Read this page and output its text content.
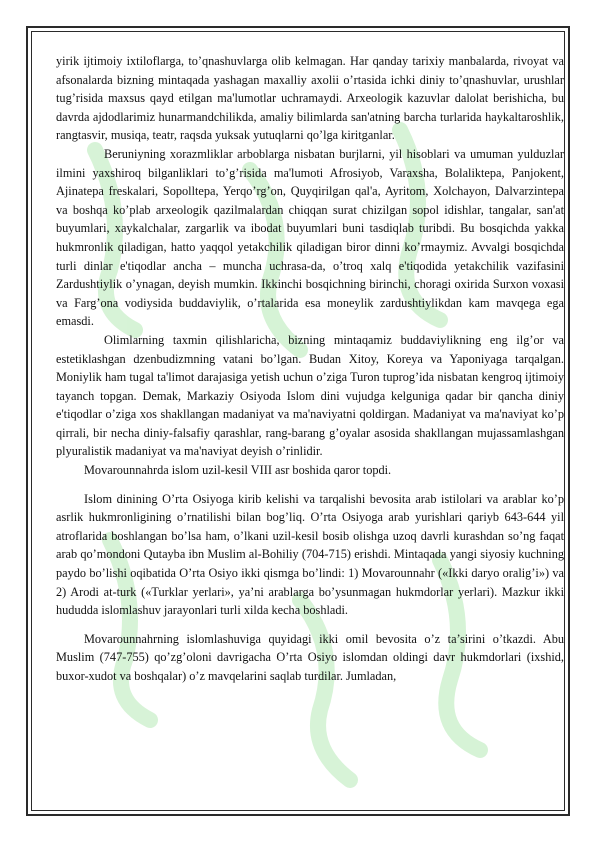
yirik ijtimoiy ixtiloflarga, to’qnashuvlarga olib kelmagan. Har qanday tarixiy manbalarda, rivoyat va afsonalarda bizning mintaqada yashagan maxalliy axolii o’rtasida ichki diniy to’qnashuvlar, urushlar tug’risida maxsus qayd etilgan ma'lumotlar uchramaydi. Arxeologik kazuvlar dalolat berishicha, bu davrda ajdodlarimiz hunarmandchilikda, amaliy bilimlarda san'atning barcha turlarida haykaltaroshlik, rangtasvir, musiqa, teatr, raqsda yuksak yutuqlarni qo’lga kiritganlar.

Beruniyning xorazmliklar arboblarga nisbatan burjlarni, yil hisoblari va umuman yulduzlar ilmini yaxshiroq bilganliklari to’g’risida ma'lumoti Afrosiyob, Varaxsha, Bolaliktepa, Panjokent, Ajinatepa freskalari, Sopolltepa, Yerqo’rg’on, Quyqirilgan qal'a, Ayritom, Xolchayon, Dalvarzintepa va boshqa ko’plab arxeologik qazilmalardan chiqqan surat chizilgan sopol idishlar, tangalar, san'at buyumlari, xaykalchalar, zargarlik va ibodat buyumlari buni tasdiqlab turibdi. Bu bosqichda yakka hukmronlik qiladigan, hatto yaqqol yetakchilik qiladigan biror dinni ko’rmaymiz. Avvalgi bosqichda turli dinlar e'tiqodlar ancha – muncha uchrasa-da, o’troq xalq e'tiqodida yetakchilik vazifasini Zardushtiylik o’ynagan, deyish mumkin. Ikkinchi bosqichning birinchi, choragi oxirida Surxon voxasi va Farg’ona vodiysida buddaviylik, o’rtalarida esa moneylik zardushtiylikdan kam mavqega ega emasdi.

Olimlarning taxmin qilishlaricha, bizning mintaqamiz buddaviylikning eng ilg’or va estetiklashgan dzenbudizmning vatani bo’lgan. Budan Xitoy, Koreya va Yaponiyaga tarqalgan. Moniylik ham tugal ta'limot darajasiga yetish uchun o’ziga Turon tuprog’ida nisbatan kengroq ijtimoiy tayanch topgan. Demak, Markaziy Osiyoda Islom dini vujudga kelguniga qadar bir qancha diniy e'tiqodlar o’ziga xos shakllangan madaniyat va ma'naviyatni qoldirgan. Madaniyat va ma'naviyat ko’p qirrali, bir necha diniy-falsafiy qarashlar, rang-barang g’oyalar asosida shakllangan mujassamlashgan plyuralistik madaniyat va ma'naviyat deyish o’rinlidir.

Movarounnahrda islom uzil-kesil VIII asr boshida qaror topdi.

Islom dinining O’rta Osiyoga kirib kelishi va tarqalishi bevosita arab istilolari va arablar ko’p asrlik hukmronligining o’rnatilishi bilan bog’liq. O’rta Osiyoga arab yurishlari qariyb 643-644 yil atroflarida boshlangan bo’lsa ham, o’lkani uzil-kesil bosib olishga uzoq davrli kurashdan so’ng faqat arab qo’mondoni Qutayba ibn Muslim al-Bohiliy (704-715) erishdi. Mintaqada yangi siyosiy kuchning paydo bo’lishi oqibatida O’rta Osiyo ikki qismga bo’lindi: 1) Movarounnahr («Ikki daryo oralig’i») va 2) Arodi at-turk («Turklar yerlari», ya’ni arablarga bo’ysunmagan hukmdorlar yerlari). Mazkur ikki hududda islomlashuv jarayonlari turli xilda kecha boshladi.

Movarounnahrning islomlashuviga quyidagi ikki omil bevosita o’z ta’sirini o’tkazdi. Abu Muslim (747-755) qo’zg’oloni davrigacha O’rta Osiyo islomdan oldingi davr hukmdorlari (ixshid, buxor-xudot va boshqalar) o’z mavqelarini saqlab turdilar. Jumladan,
